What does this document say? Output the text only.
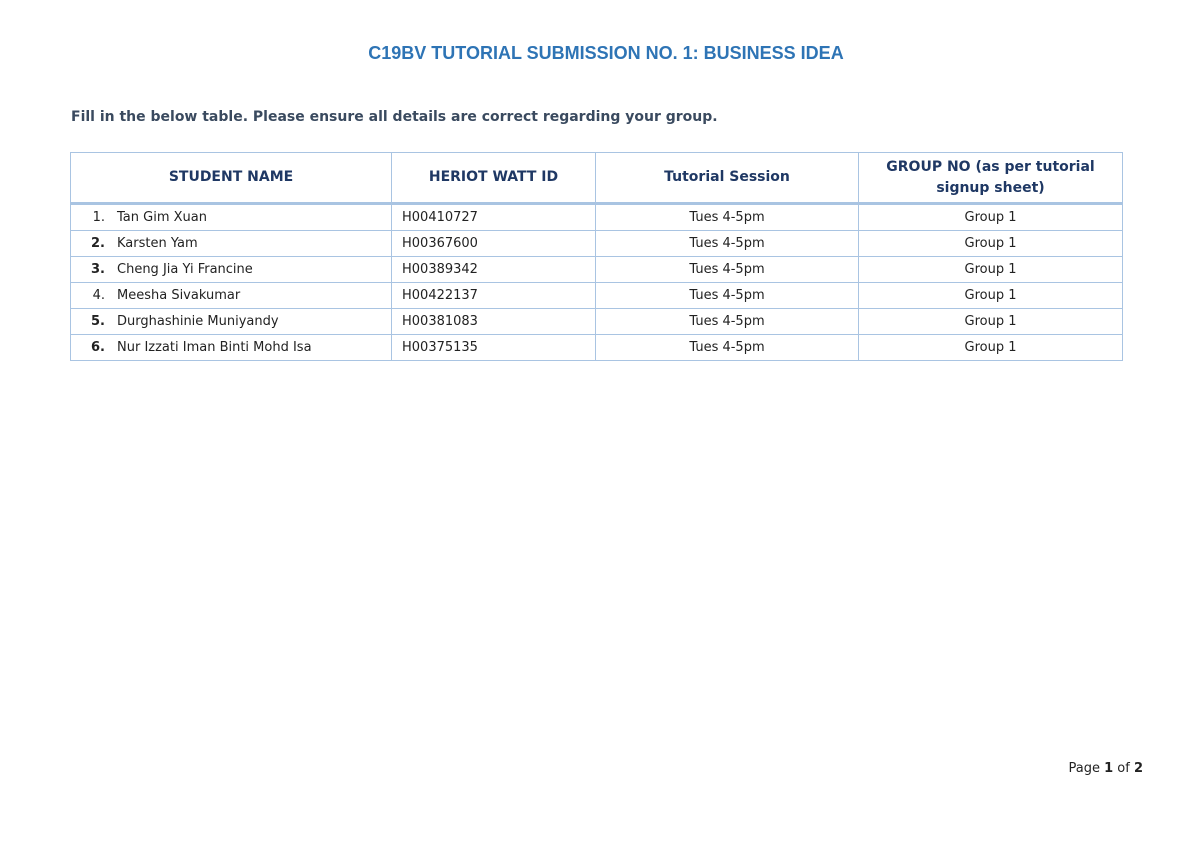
C19BV TUTORIAL SUBMISSION NO. 1: BUSINESS IDEA
Fill in the below table. Please ensure all details are correct regarding your group.
STUDENT NAME	HERIOT WATT ID	Tutorial Session	GROUP NO (as per tutorial signup sheet)
1. Tan Gim Xuan	H00410727	Tues 4-5pm	Group 1
2. Karsten Yam	H00367600	Tues 4-5pm	Group 1
3. Cheng Jia Yi Francine	H00389342	Tues 4-5pm	Group 1
4. Meesha Sivakumar	H00422137	Tues 4-5pm	Group 1
5. Durghashinie Muniyandy	H00381083	Tues 4-5pm	Group 1
6. Nur Izzati Iman Binti Mohd Isa	H00375135	Tues 4-5pm	Group 1
Page 1 of 2
